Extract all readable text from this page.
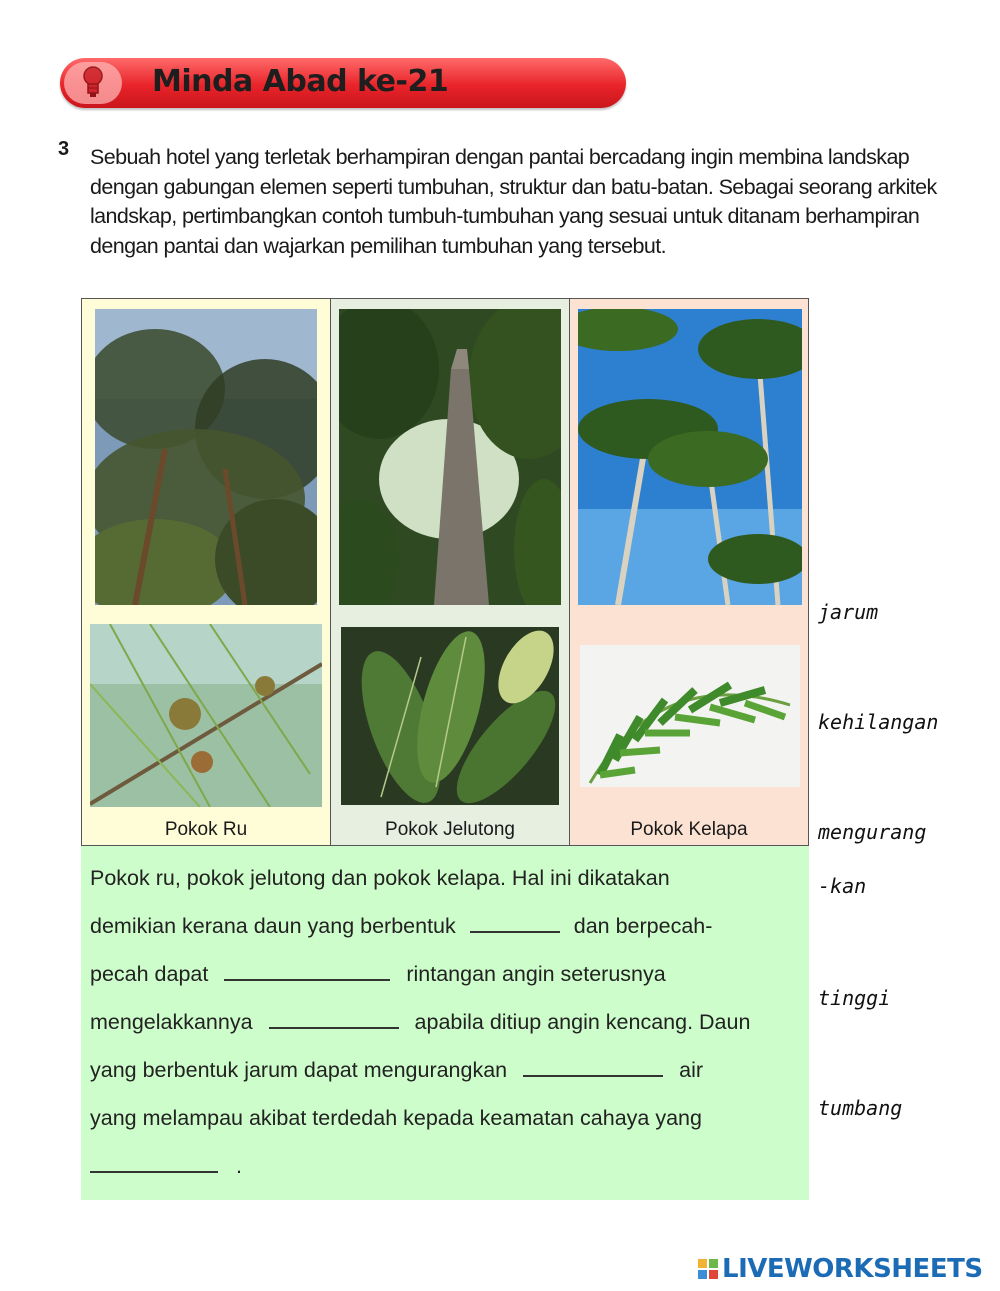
Minda Abad ke-21
3 Sebuah hotel yang terletak berhampiran dengan pantai bercadang ingin membina landskap dengan gabungan elemen seperti tumbuhan, struktur dan batu-batan. Sebagai seorang arkitek landskap, pertimbangkan contoh tumbuh-tumbuhan yang sesuai untuk ditanam berhampiran dengan pantai dan wajarkan pemilihan tumbuhan yang tersebut.

Pokok Ru	Pokok Jelutong	Pokok Kelapa
Pokok ru, pokok jelutong dan pokok kelapa. Hal ini dikatakan
demikian kerana daun yang berbentuk	dan berpecah-
pecah dapat	rintangan angin seterusnya
mengelakkannya	apabila ditiup angin kencang. Daun
yang berbentuk jarum dapat mengurangkan	air
yang melampau akibat terdedah kepada keamatan cahaya yang
.
jarum
kehilangan
mengurang
-kan
tinggi
tumbang
LIVEWORKSHEETS
